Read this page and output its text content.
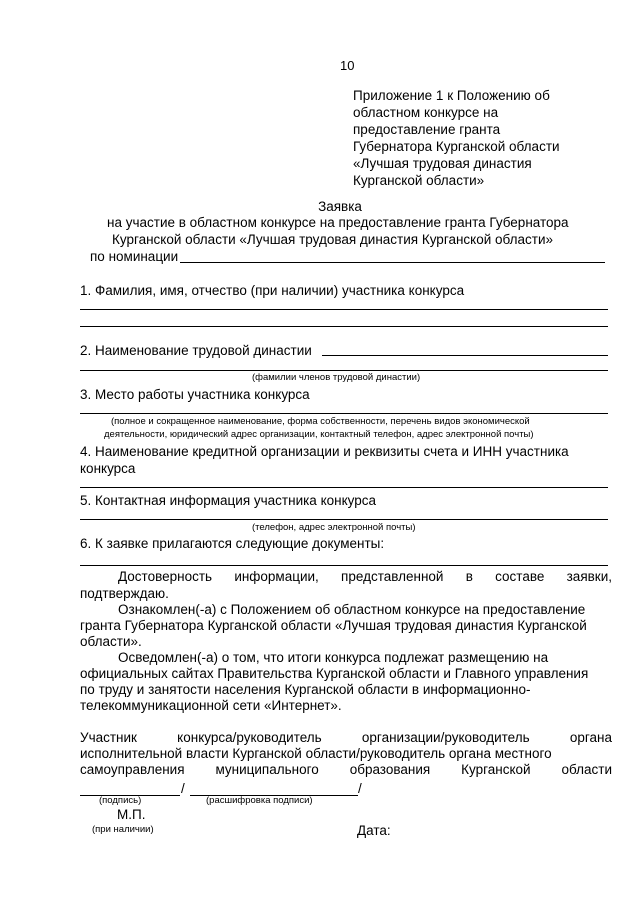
10
Приложение 1 к Положению об
областном конкурсе на
предоставление гранта
Губернатора Курганской области
«Лучшая трудовая династия
Курганской области»
Заявка
на участие в областном конкурсе на предоставление гранта Губернатора
Курганской области «Лучшая трудовая династия Курганской области»
по номинации
1. Фамилия, имя, отчество (при наличии) участника конкурса
2. Наименование трудовой династии
(фамилии членов трудовой династии)
3. Место работы участника конкурса
(полное и сокращенное наименование, форма собственности, перечень видов экономической
деятельности, юридический адрес организации, контактный телефон, адрес электронной почты)
4. Наименование кредитной организации и реквизиты счета и ИНН участника
конкурса
5. Контактная информация участника конкурса
(телефон, адрес электронной почты)
6. К заявке прилагаются следующие документы:
Достоверность информации, представленной в составе заявки,
подтверждаю.
Ознакомлен(-а) с Положением об областном конкурсе на предоставление
гранта Губернатора Курганской области «Лучшая трудовая династия Курганской
области».
Осведомлен(-а) о том, что итоги конкурса подлежат размещению на
официальных сайтах Правительства Курганской области и Главного управления
по труду и занятости населения Курганской области в информационно-
телекоммуникационной сети «Интернет».
Участник конкурса/руководитель организации/руководитель органа
исполнительной власти Курганской области/руководитель органа местного
самоуправления муниципального образования Курганской области
/	/
(подпись)	(расшифровка подписи)
М.П.
(при наличии)	Дата:
